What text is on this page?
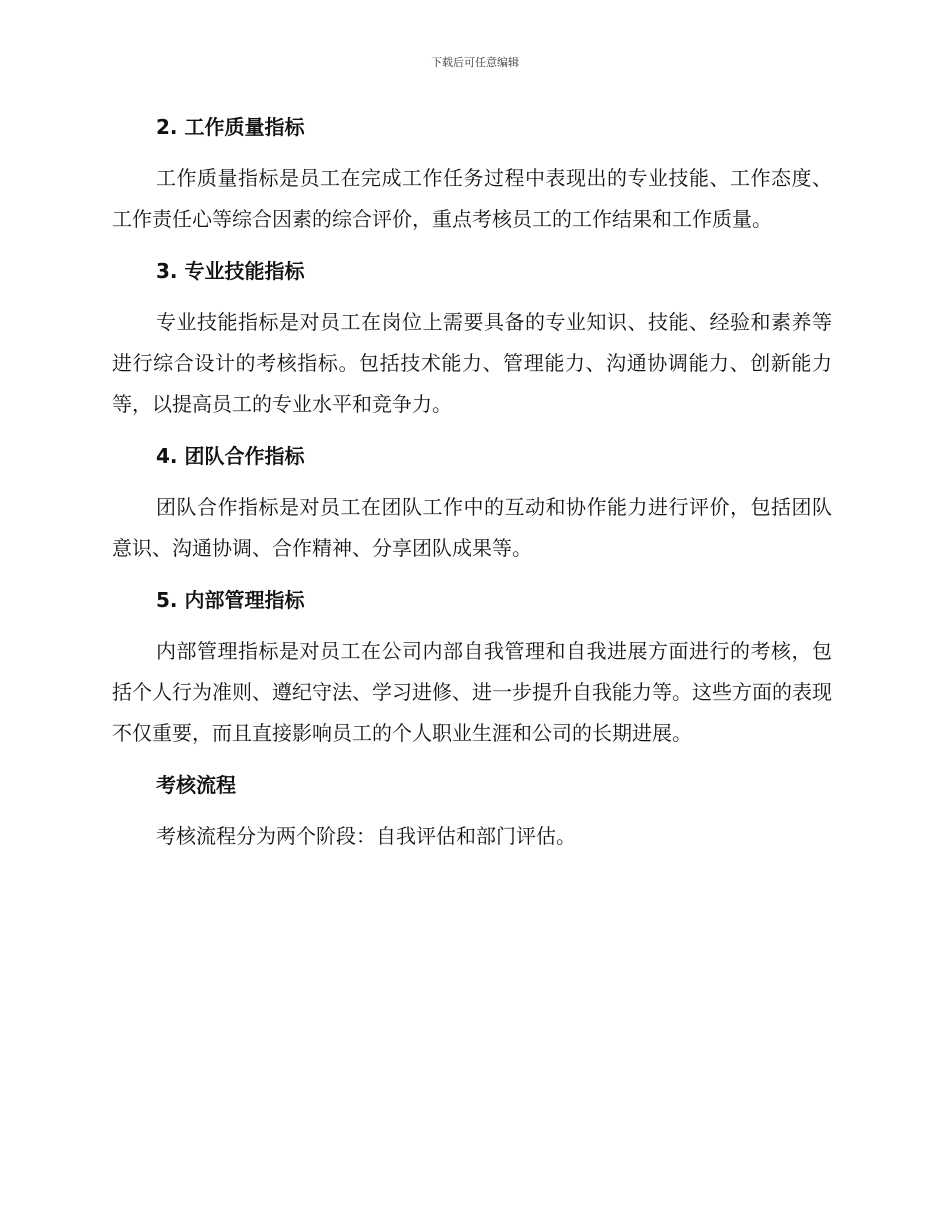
下载后可任意编辑
2. 工作质量指标

工作质量指标是员工在完成工作任务过程中表现出的专业技能、工作态度、工作责任心等综合因素的综合评价，重点考核员工的工作结果和工作质量。

3. 专业技能指标

专业技能指标是对员工在岗位上需要具备的专业知识、技能、经验和素养等进行综合设计的考核指标。包括技术能力、管理能力、沟通协调能力、创新能力等，以提高员工的专业水平和竞争力。

4. 团队合作指标

团队合作指标是对员工在团队工作中的互动和协作能力进行评价，包括团队意识、沟通协调、合作精神、分享团队成果等。

5. 内部管理指标

内部管理指标是对员工在公司内部自我管理和自我进展方面进行的考核，包括个人行为准则、遵纪守法、学习进修、进一步提升自我能力等。这些方面的表现不仅重要，而且直接影响员工的个人职业生涯和公司的长期进展。

考核流程

考核流程分为两个阶段：自我评估和部门评估。
